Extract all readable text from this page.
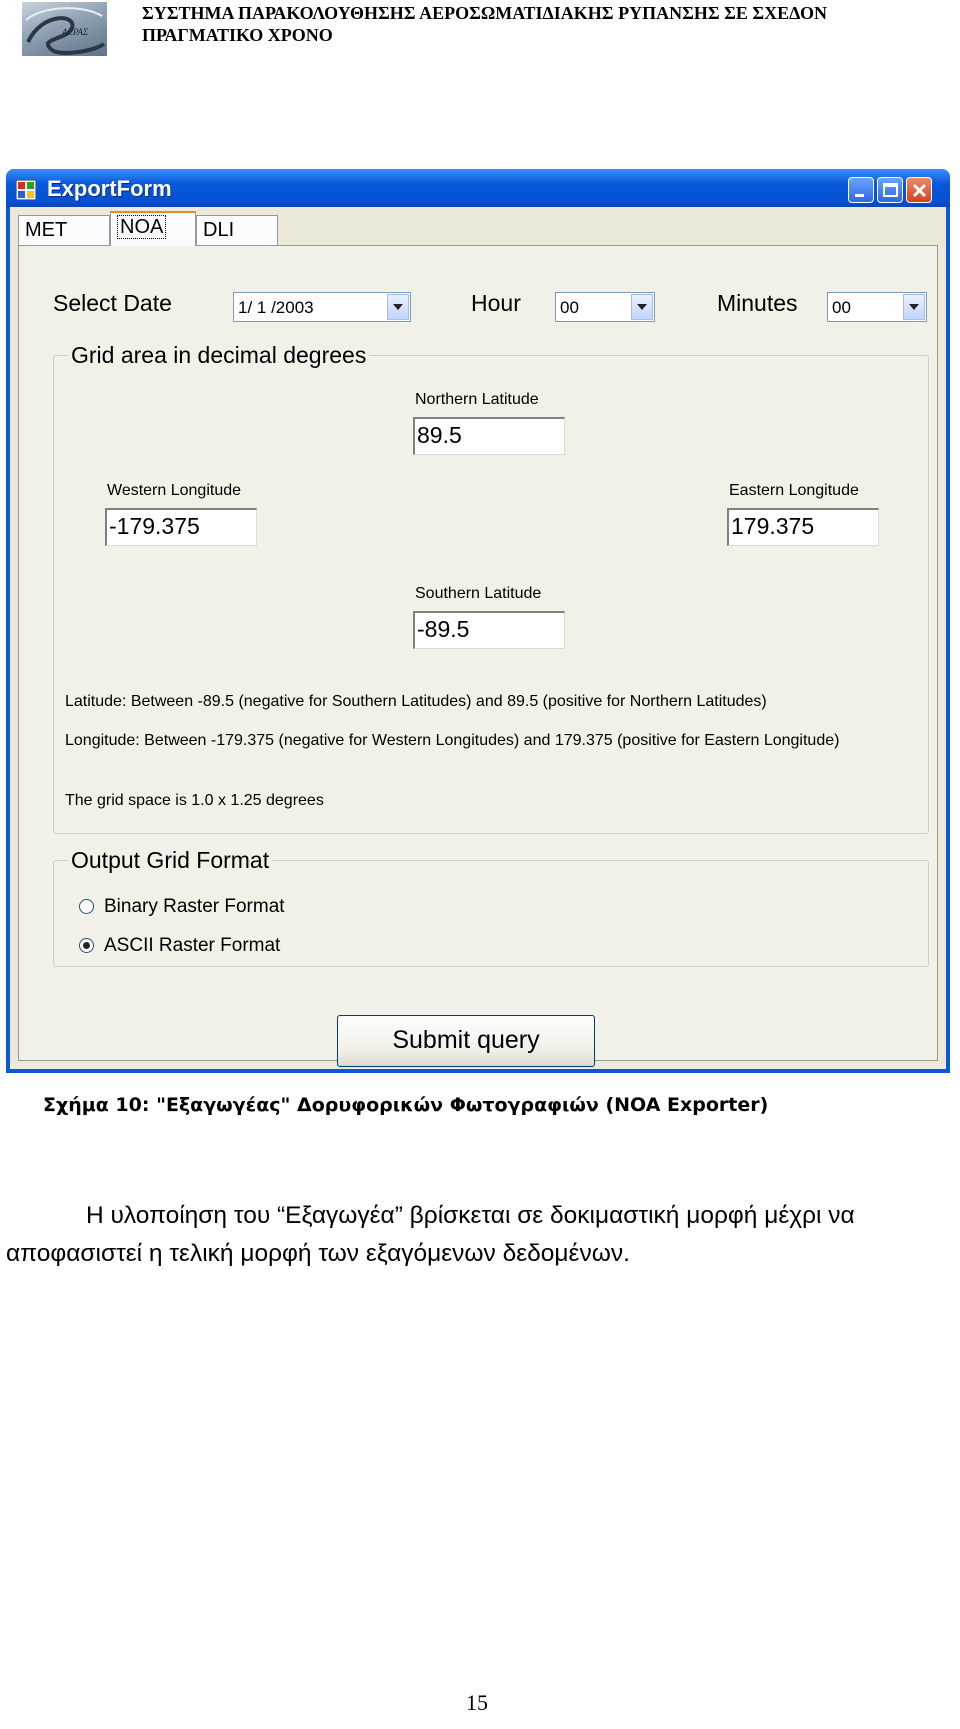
ΑΕΡΑΣ
ΣΥΣΤΗΜΑ ΠΑΡΑΚΟΛΟΥΘΗΣΗΣ ΑΕΡΟΣΩΜΑΤΙΔΙΑΚΗΣ ΡΥΠΑΝΣΗΣ ΣΕ ΣΧΕΔΟΝ
ΠΡΑΓΜΑΤΙΚΟ ΧΡΟΝΟ
ExportForm
MET	NOA	DLI
Select Date	1/ 1 /2003	Hour 00	Minutes 00
Grid area in decimal degrees
Northern Latitude
89.5
Western Longitude
-179.375
Eastern Longitude
179.375
Southern Latitude
-89.5
Latitude: Between -89.5 (negative for Southern Latitudes) and 89.5 (positive for Northern Latitudes)
Longitude: Between -179.375 (negative for Western Longitudes) and 179.375 (positive for Eastern Longitude)
The grid space is 1.0 x 1.25 degrees
Output Grid Format
Binary Raster Format
ASCII Raster Format
Submit query
Σχήμα 10: "Εξαγωγέας" Δορυφορικών Φωτογραφιών (NOA Exporter)
Η υλοποίηση του “Εξαγωγέα” βρίσκεται σε δοκιμαστική μορφή μέχρι να
αποφασιστεί η τελική μορφή των εξαγόμενων δεδομένων.
15
